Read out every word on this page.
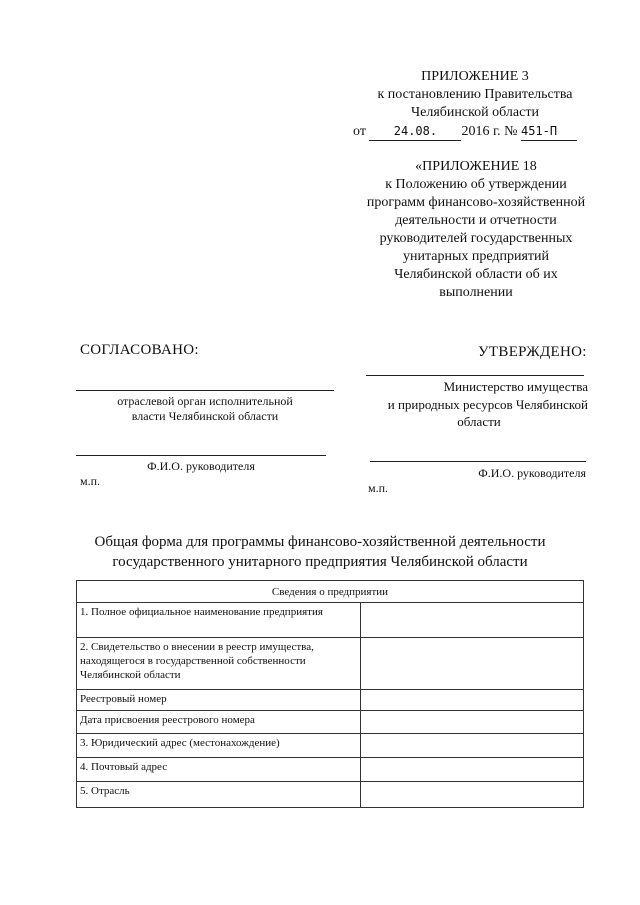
ПРИЛОЖЕНИЕ 3
к постановлению Правительства
Челябинской области
от 24.08. 2016 г. № 451-П
«ПРИЛОЖЕНИЕ 18
к Положению об утверждении
программ финансово-хозяйственной
деятельности и отчетности
руководителей государственных
унитарных предприятий
Челябинской области об их
выполнении
СОГЛАСОВАНО:
отраслевой орган исполнительной
власти Челябинской области
Ф.И.О. руководителя
м.п.
УТВЕРЖДЕНО:
Министерство имущества
и природных ресурсов Челябинской
области
Ф.И.О. руководителя
м.п.
Общая форма для программы финансово-хозяйственной деятельности
государственного унитарного предприятия Челябинской области
Сведения о предприятии	
1. Полное официальное наименование предприятия	
2. Свидетельство о внесении в реестр имущества, находящегося в государственной собственности Челябинской области	
Реестровый номер	
Дата присвоения реестрового номера	
3. Юридический адрес (местонахождение)	
4. Почтовый адрес	
5. Отрасль	
